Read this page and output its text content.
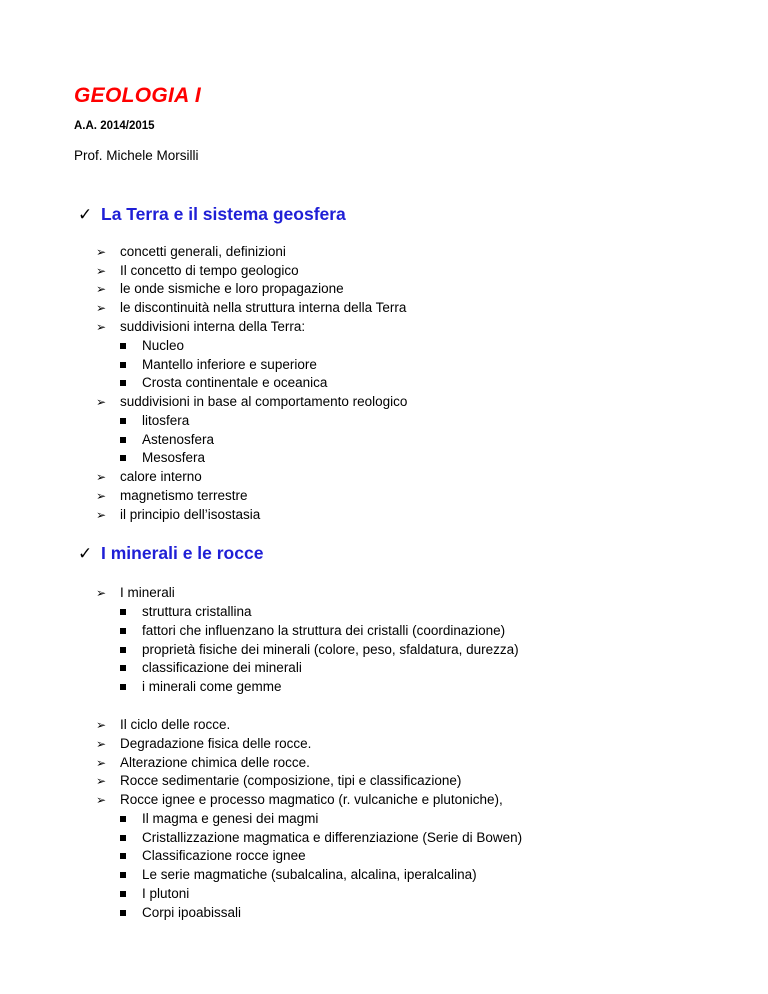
GEOLOGIA I
A.A. 2014/2015
Prof. Michele Morsilli
✓ La Terra e il sistema geosfera
➢ concetti generali, definizioni
➢ Il concetto di tempo geologico
➢ le onde sismiche e loro propagazione
➢ le discontinuità nella struttura interna della Terra
➢ suddivisioni interna della Terra:
Nucleo
Mantello inferiore e superiore
Crosta continentale e oceanica
➢ suddivisioni in base al comportamento reologico
litosfera
Astenosfera
Mesosfera
➢ calore interno
➢ magnetismo terrestre
➢ il principio dell’isostasia
✓ I minerali e le rocce
➢ I minerali
struttura cristallina
fattori che influenzano la struttura dei cristalli (coordinazione)
proprietà fisiche dei minerali (colore, peso, sfaldatura, durezza)
classificazione dei minerali
i minerali come gemme
➢ Il ciclo delle rocce.
➢ Degradazione fisica delle rocce.
➢ Alterazione chimica delle rocce.
➢ Rocce sedimentarie (composizione, tipi e classificazione)
➢ Rocce ignee e processo magmatico (r. vulcaniche e plutoniche),
Il magma e genesi dei magmi
Cristallizzazione magmatica e differenziazione (Serie di Bowen)
Classificazione rocce ignee
Le serie magmatiche (subalcalina, alcalina, iperalcalina)
I plutoni
Corpi ipoabissali
